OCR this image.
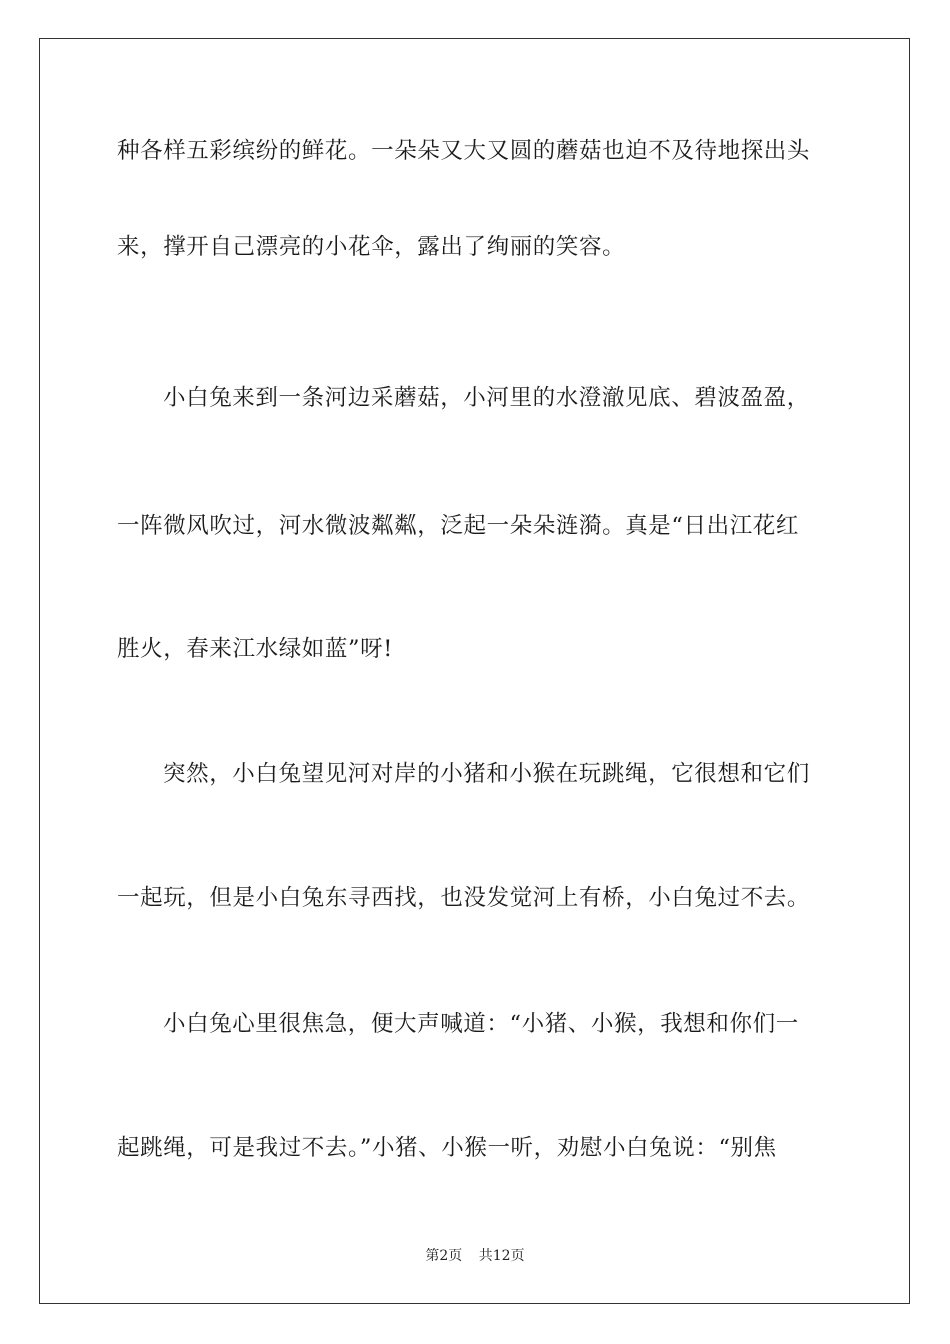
种各样五彩缤纷的鲜花。一朵朵又大又圆的蘑菇也迫不及待地探出头
来，撑开自己漂亮的小花伞，露出了绚丽的笑容。
小白兔来到一条河边采蘑菇，小河里的水澄澈见底、碧波盈盈，
一阵微风吹过，河水微波粼粼，泛起一朵朵涟漪。真是“日出江花红
胜火，春来江水绿如蓝”呀!
突然，小白兔望见河对岸的小猪和小猴在玩跳绳，它很想和它们
一起玩，但是小白兔东寻西找，也没发觉河上有桥，小白兔过不去。
小白兔心里很焦急，便大声喊道：“小猪、小猴，我想和你们一
起跳绳，可是我过不去。”小猪、小猴一听，劝慰小白兔说：“别焦
第2页 共12页
